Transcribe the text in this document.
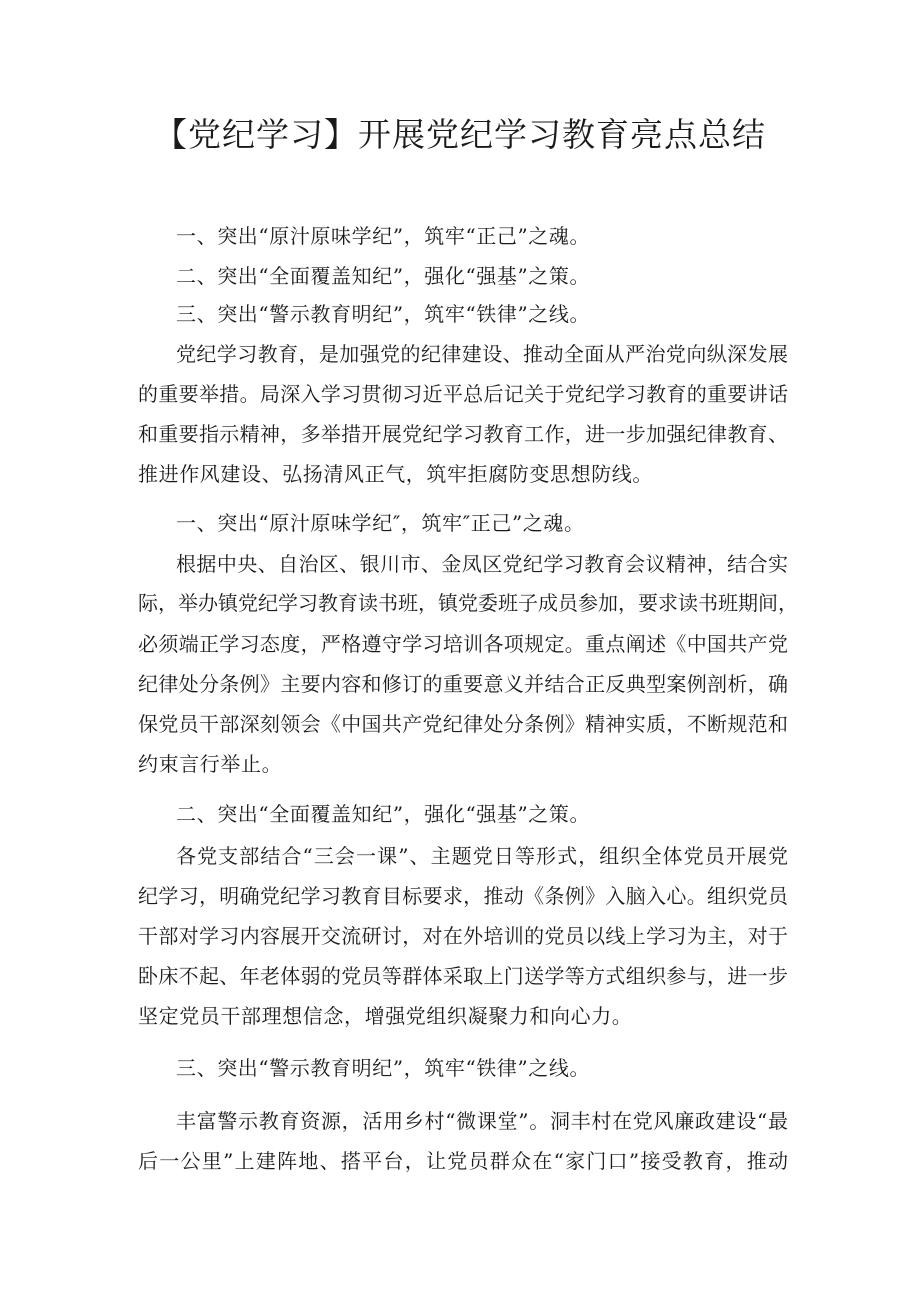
【党纪学习】开展党纪学习教育亮点总结

一、突出“原汁原味学纪”，筑牢“正己”之魂。

二、突出“全面覆盖知纪”，强化“强基”之策。

三、突出“警示教育明纪”，筑牢“铁律”之线。

党纪学习教育，是加强党的纪律建设、推动全面从严治党向纵深发展

的重要举措。局深入学习贯彻习近平总后记关于党纪学习教育的重要讲话

和重要指示精神，多举措开展党纪学习教育工作，进一步加强纪律教育、

推进作风建设、弘扬清风正气，筑牢拒腐防变思想防线。

一、突出“原汁原味学纪″，筑牢″正己”之魂。

根据中央、自治区、银川市、金凤区党纪学习教育会议精神，结合实

际，举办镇党纪学习教育读书班，镇党委班子成员参加，要求读书班期间，

必须端正学习态度，严格遵守学习培训各项规定。重点阐述《中国共产党

纪律处分条例》主要内容和修订的重要意义并结合正反典型案例剖析，确

保党员干部深刻领会《中国共产党纪律处分条例》精神实质，不断规范和

约束言行举止。

二、突出“全面覆盖知纪”，强化“强基”之策。

各党支部结合“三会一课”、主题党日等形式，组织全体党员开展党

纪学习，明确党纪学习教育目标要求，推动《条例》入脑入心。组织党员

干部对学习内容展开交流研讨，对在外培训的党员以线上学习为主，对于

卧床不起、年老体弱的党员等群体采取上门送学等方式组织参与，进一步

坚定党员干部理想信念，增强党组织凝聚力和向心力。

三、突出“警示教育明纪”，筑牢“铁律”之线。

丰富警示教育资源，活用乡村“微课堂”。洞丰村在党风廉政建设“最

后一公里”上建阵地、搭平台，让党员群众在“家门口”接受教育，推动
